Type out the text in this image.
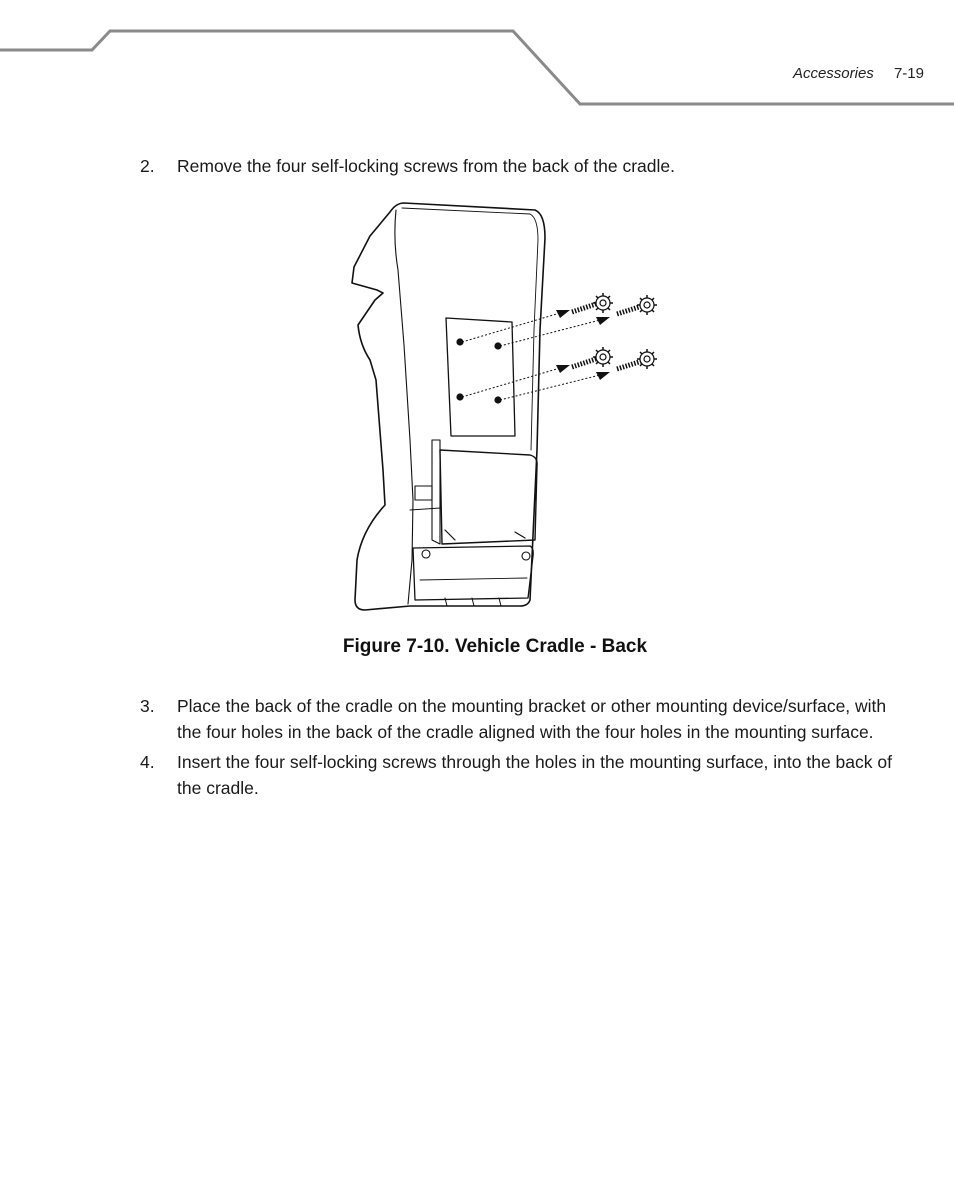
Accessories 7-19
2. Remove the four self-locking screws from the back of the cradle.
Figure 7-10. Vehicle Cradle - Back
3. Place the back of the cradle on the mounting bracket or other mounting device/surface, with the four holes in the back of the cradle aligned with the four holes in the mounting surface.
4. Insert the four self-locking screws through the holes in the mounting surface, into the back of the cradle.
